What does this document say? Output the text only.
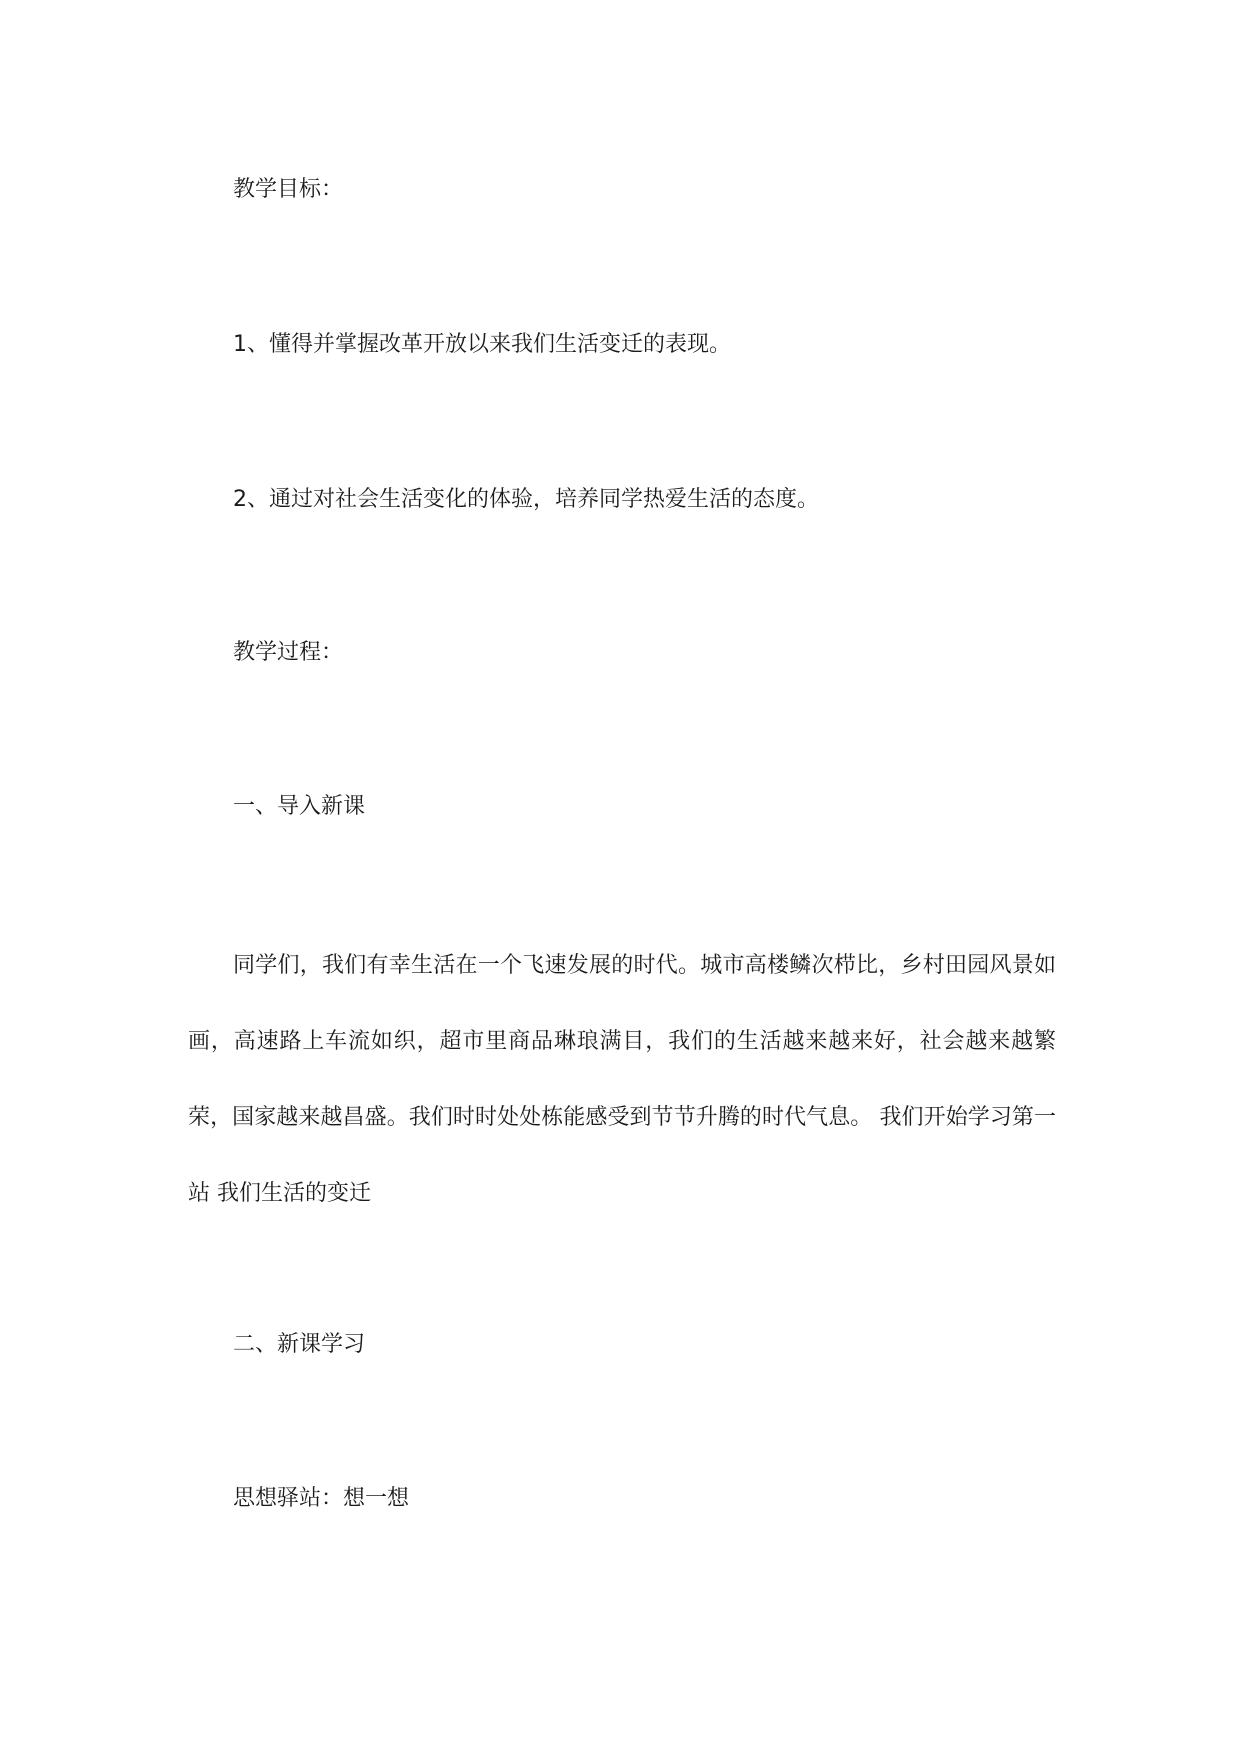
教学目标：

1、懂得并掌握改革开放以来我们生活变迁的表现。

2、通过对社会生活变化的体验，培养同学热爱生活的态度。

教学过程：

一、导入新课

同学们，我们有幸生活在一个飞速发展的时代。城市高楼鳞次栉比，乡村田园风景如画，高速路上车流如织，超市里商品琳琅满目，我们的生活越来越来好，社会越来越繁荣，国家越来越昌盛。我们时时处处栋能感受到节节升腾的时代气息。 我们开始学习第一站 我们生活的变迁

二、新课学习

思想驿站：想一想
